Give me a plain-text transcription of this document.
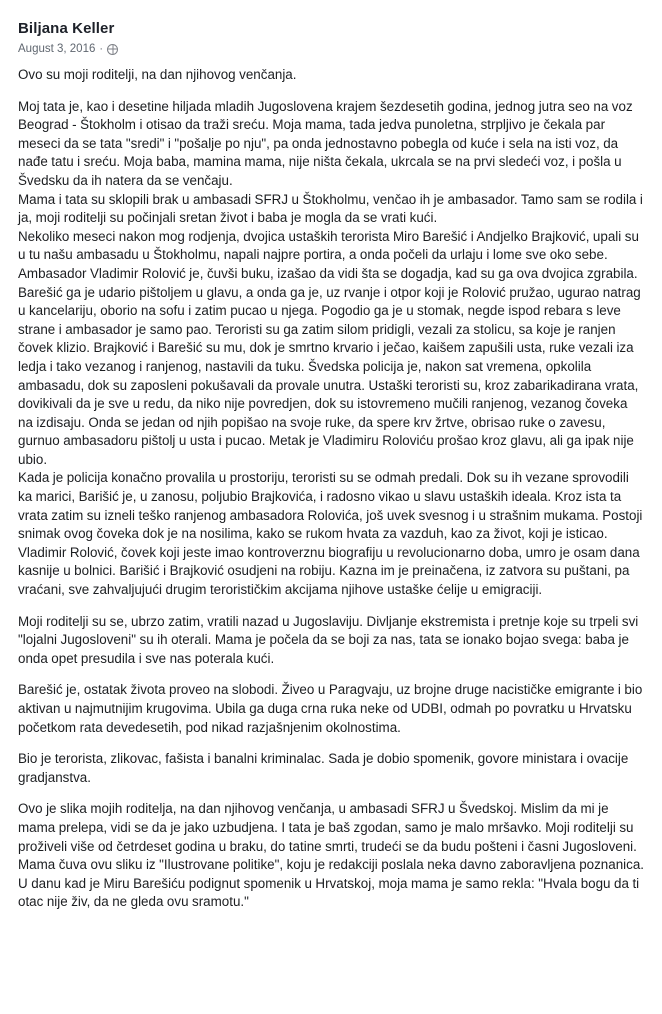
Biljana Keller
August 3, 2016 ·

Ovo su moji roditelji, na dan njihovog venčanja.

Moj tata je, kao i desetine hiljada mladih Jugoslovena krajem šezdesetih godina, jednog jutra seo na voz Beograd - Štokholm i otisao da traži sreću. Moja mama, tada jedva punoletna, strpljivo je čekala par meseci da se tata "sredi" i "pošalje po nju", pa onda jednostavno pobegla od kuće i sela na isti voz, da nađe tatu i sreću. Moja baba, mamina mama, nije ništa čekala, ukrcala se na prvi sledeći voz, i pošla u Švedsku da ih natera da se venčaju.

Mama i tata su sklopili brak u ambasadi SFRJ u Štokholmu, venčao ih je ambasador. Tamo sam se rodila i ja, moji roditelji su počinjali sretan život i baba je mogla da se vrati kući.

Nekoliko meseci nakon mog rodjenja, dvojica ustaških terorista Miro Barešić i Andjelko Brajković, upali su u tu našu ambasadu u Štokholmu, napali najpre portira, a onda počeli da urlaju i lome sve oko sebe. Ambasador Vladimir Rolović je, čuvši buku, izašao da vidi šta se dogadja, kad su ga ova dvojica zgrabila. Barešić ga je udario pištoljem u glavu, a onda ga je, uz rvanje i otpor koji je Rolović pružao, ugurao natrag u kancelariju, oborio na sofu i zatim pucao u njega. Pogodio ga je u stomak, negde ispod rebara s leve strane i ambasador je samo pao. Teroristi su ga zatim silom pridigli, vezali za stolicu, sa koje je ranjen čovek klizio. Brajković i Barešić su mu, dok je smrtno krvario i ječao, kaišem zapušili usta, ruke vezali iza ledja i tako vezanog i ranjenog, nastavili da tuku. Švedska policija je, nakon sat vremena, opkolila ambasadu, dok su zaposleni pokušavali da provale unutra. Ustaški teroristi su, kroz zabarikadirana vrata, dovikivali da je sve u redu, da niko nije povredjen, dok su istovremeno mučili ranjenog, vezanog čoveka na izdisaju. Onda se jedan od njih popišao na svoje ruke, da spere krv žrtve, obrisao ruke o zavesu, gurnuo ambasadoru pištolj u usta i pucao. Metak je Vladimiru Roloviću prošao kroz glavu, ali ga ipak nije ubio.

Kada je policija konačno provalila u prostoriju, teroristi su se odmah predali. Dok su ih vezane sprovodili ka marici, Barišić je, u zanosu, poljubio Brajkovića, i radosno vikao u slavu ustaških ideala. Kroz ista ta vrata zatim su izneli teško ranjenog ambasadora Rolovića, još uvek svesnog i u strašnim mukama. Postoji snimak ovog čoveka dok je na nosilima, kako se rukom hvata za vazduh, kao za život, koji je isticao. Vladimir Rolović, čovek koji jeste imao kontroverznu biografiju u revolucionarno doba, umro je osam dana kasnije u bolnici. Barišić i Brajković osudjeni na robiju. Kazna im je preinačena, iz zatvora su puštani, pa vraćani, sve zahvaljujući drugim terorističkim akcijama njihove ustaške ćelije u emigraciji.

Moji roditelji su se, ubrzo zatim, vratili nazad u Jugoslaviju. Divljanje ekstremista i pretnje koje su trpeli svi "lojalni Jugosloveni" su ih oterali. Mama je počela da se boji za nas, tata se ionako bojao svega: baba je onda opet presudila i sve nas poterala kući.

Barešić je, ostatak života proveo na slobodi. Živeo u Paragvaju, uz brojne druge nacističke emigrante i bio aktivan u najmutnijim krugovima. Ubila ga duga crna ruka neke od UDBI, odmah po povratku u Hrvatsku početkom rata devedesetih, pod nikad razjašnjenim okolnostima.

Bio je terorista, zlikovac, fašista i banalni kriminalac. Sada je dobio spomenik, govore ministara i ovacije gradjanstva.

Ovo je slika mojih roditelja, na dan njihovog venčanja, u ambasadi SFRJ u Švedskoj. Mislim da mi je mama prelepa, vidi se da je jako uzbudjena. I tata je baš zgodan, samo je malo mršavko. Moji roditelji su proživeli više od četrdeset godina u braku, do tatine smrti, trudeći se da budu pošteni i časni Jugosloveni. Mama čuva ovu sliku iz "Ilustrovane politike", koju je redakciji poslala neka davno zaboravljena poznanica. U danu kad je Miru Barešiću podignut spomenik u Hrvatskoj, moja mama je samo rekla: "Hvala bogu da ti otac nije živ, da ne gleda ovu sramotu."
